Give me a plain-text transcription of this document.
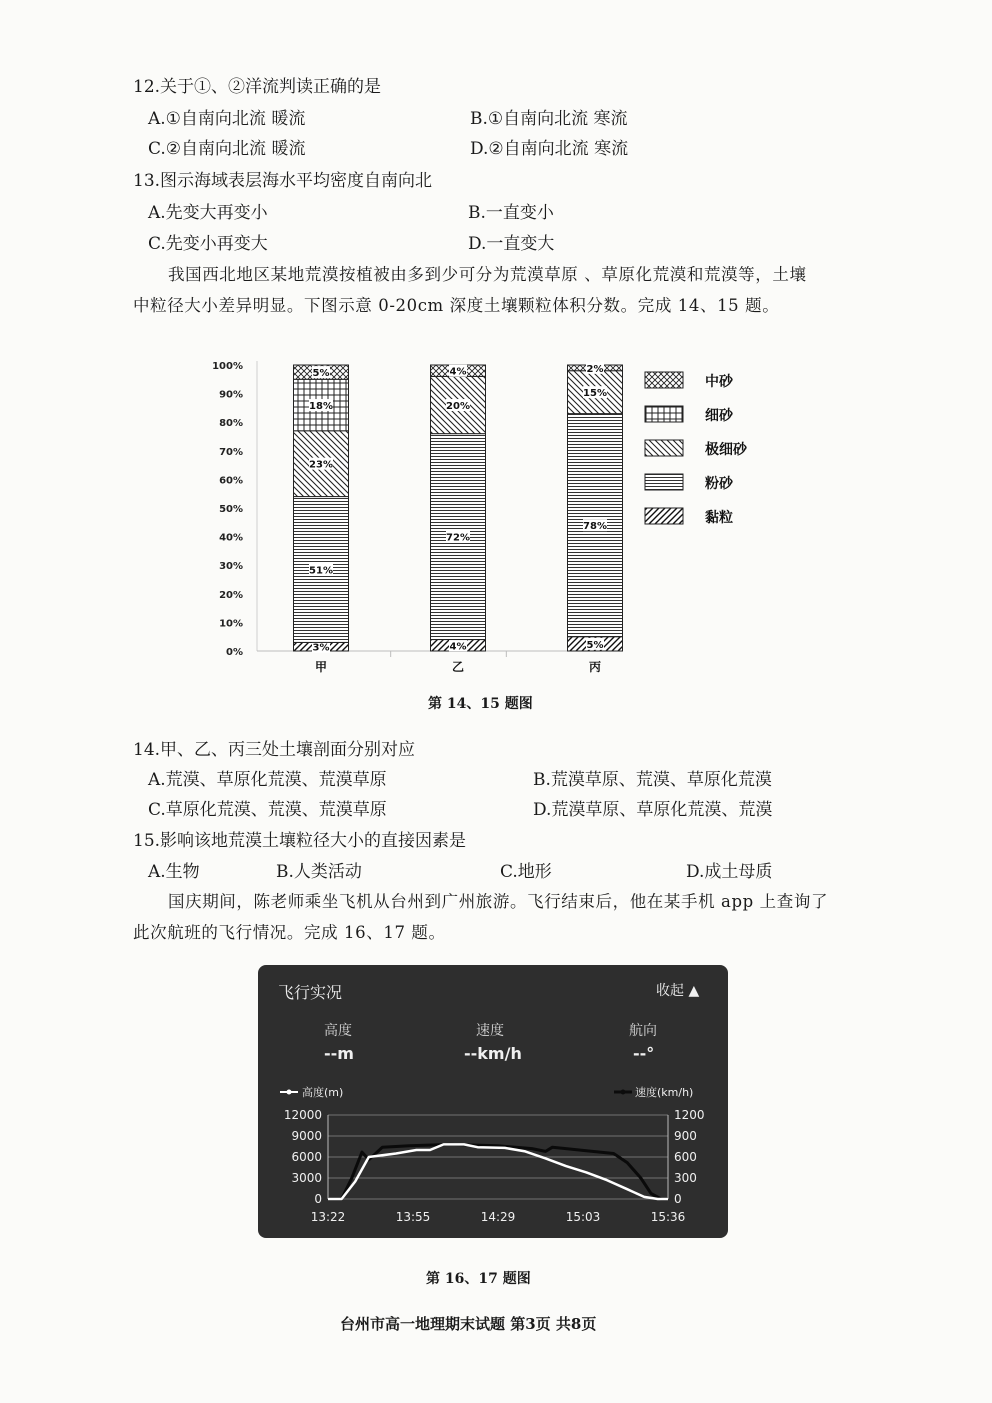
12.关于①、②洋流判读正确的是
A.①自南向北流 暖流	B.①自南向北流 寒流
C.②自南向北流 暖流	D.②自南向北流 寒流
13.图示海域表层海水平均密度自南向北
A.先变大再变小	B.一直变小
C.先变小再变大	D.一直变大
我国西北地区某地荒漠按植被由多到少可分为荒漠草原 、草原化荒漠和荒漠等，土壤
中粒径大小差异明显。下图示意 0-20cm 深度土壤颗粒体积分数。完成 14、15 题。
0%
10%
20%
30%
40%
50%
60%
70%
80%
90%
100%
3%
51%
23%
18%
5%
甲
4%
72%
20%
4%
乙
5%
78%
15%
2%
丙
中砂
细砂
极细砂
粉砂
黏粒
第 14、15 题图
14.甲、乙、丙三处土壤剖面分别对应
A.荒漠、草原化荒漠、荒漠草原	B.荒漠草原、荒漠、草原化荒漠
C.草原化荒漠、荒漠、荒漠草原	D.荒漠草原、草原化荒漠、荒漠
15.影响该地荒漠土壤粒径大小的直接因素是
A.生物	B.人类活动	C.地形	D.成土母质
国庆期间，陈老师乘坐飞机从台州到广州旅游。飞行结束后，他在某手机 app 上查询了
此次航班的飞行情况。完成 16、17 题。
飞行实况	收起 ▲
高度
--m
速度
--km/h
航向
--°
0
3000
6000
9000
12000
0
300
600
900
1200
13:22	13:55	14:29	15:03	15:36
高度(m)	速度(km/h)
第 16、17 题图
台州市高一地理期末试题 第3页 共8页
